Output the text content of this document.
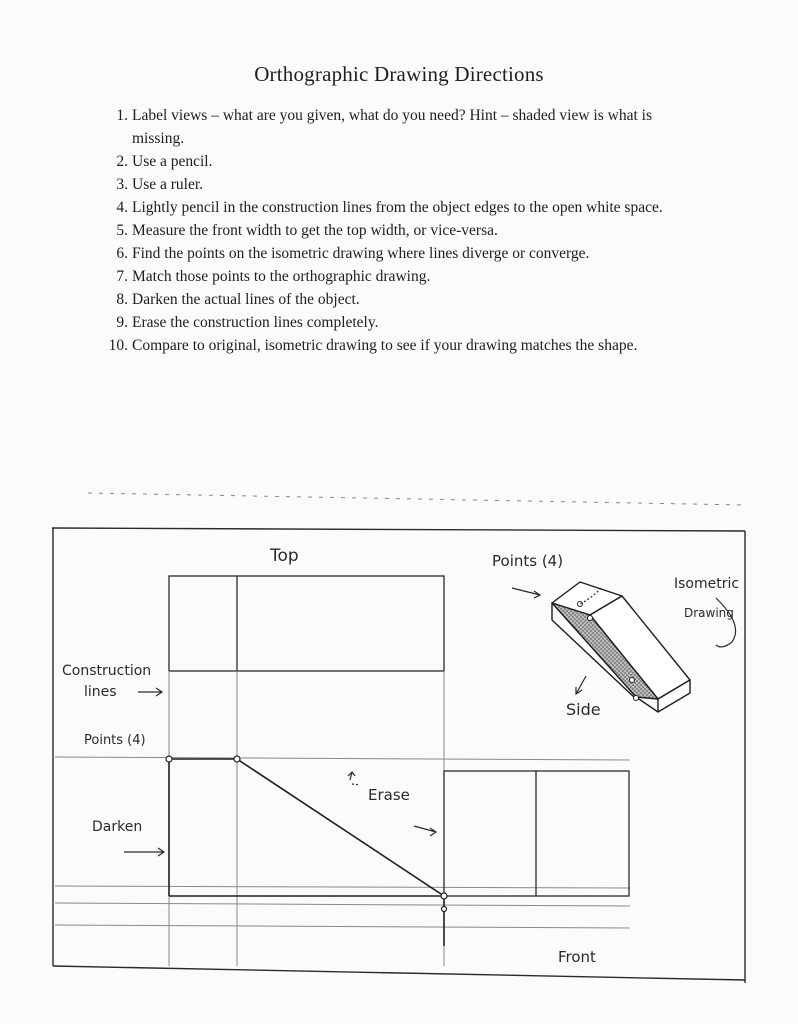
Orthographic Drawing Directions
1. Label views – what are you given, what do you need? Hint – shaded view is what is missing.
2. Use a pencil.
3. Use a ruler.
4. Lightly pencil in the construction lines from the object edges to the open white space.
5. Measure the front width to get the top width, or vice-versa.
6. Find the points on the isometric drawing where lines diverge or converge.
7. Match those points to the orthographic drawing.
8. Darken the actual lines of the object.
9. Erase the construction lines completely.
10. Compare to original, isometric drawing to see if your drawing matches the shape.
Top	Points (4)
Isometric
Drawing
Construction
lines
Points (4)
Side
Erase
Darken
Front
